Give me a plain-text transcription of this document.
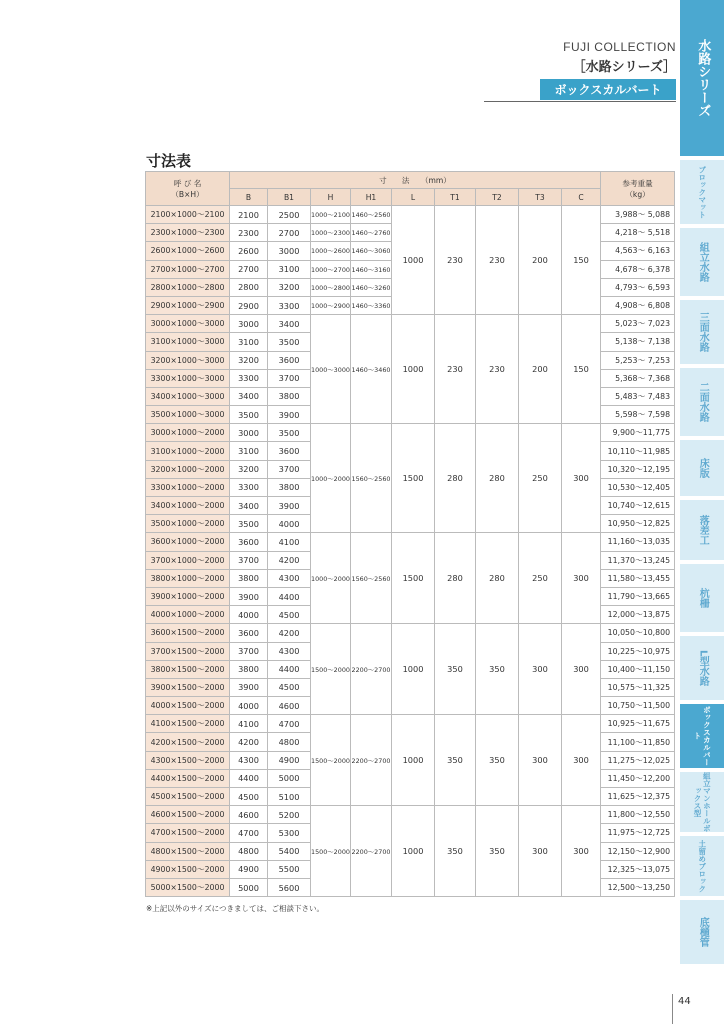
FUJI COLLECTION
［水路シリーズ］
ボックスカルバート
寸法表
呼 び 名
（B×H）	寸　　法　　（mm）									参考重量
（kg）
	B	B1	H	H1	L	T1	T2	T3	C	
2100×1000～2100	2100	2500	1000～2100	1460～2560	1000	230	230	200	150	3,988～ 5,088
2300×1000～2300	2300	2700	1000～2300	1460～2760						4,218～ 5,518
2600×1000～2600	2600	3000	1000～2600	1460～3060						4,563～ 6,163
2700×1000～2700	2700	3100	1000～2700	1460～3160						4,678～ 6,378
2800×1000～2800	2800	3200	1000～2800	1460～3260						4,793～ 6,593
2900×1000～2900	2900	3300	1000～2900	1460～3360						4,908～ 6,808
3000×1000～3000	3000	3400	1000～3000	1460～3460	1000	230	230	200	150	5,023～ 7,023
3100×1000～3000	3100	3500								5,138～ 7,138
3200×1000～3000	3200	3600								5,253～ 7,253
3300×1000～3000	3300	3700								5,368～ 7,368
3400×1000～3000	3400	3800								5,483～ 7,483
3500×1000～3000	3500	3900								5,598～ 7,598
3000×1000～2000	3000	3500	1000～2000	1560～2560	1500	280	280	250	300	9,900～11,775
3100×1000～2000	3100	3600								10,110～11,985
3200×1000～2000	3200	3700								10,320～12,195
3300×1000～2000	3300	3800								10,530～12,405
3400×1000～2000	3400	3900								10,740～12,615
3500×1000～2000	3500	4000								10,950～12,825
3600×1000～2000	3600	4100	1000～2000	1560～2560	1500	280	280	250	300	11,160～13,035
3700×1000～2000	3700	4200								11,370～13,245
3800×1000～2000	3800	4300								11,580～13,455
3900×1000～2000	3900	4400								11,790～13,665
4000×1000～2000	4000	4500								12,000～13,875
3600×1500～2000	3600	4200	1500～2000	2200～2700	1000	350	350	300	300	10,050～10,800
3700×1500～2000	3700	4300								10,225～10,975
3800×1500～2000	3800	4400								10,400～11,150
3900×1500～2000	3900	4500								10,575～11,325
4000×1500～2000	4000	4600								10,750～11,500
4100×1500～2000	4100	4700	1500～2000	2200～2700	1000	350	350	300	300	10,925～11,675
4200×1500～2000	4200	4800								11,100～11,850
4300×1500～2000	4300	4900								11,275～12,025
4400×1500～2000	4400	5000								11,450～12,200
4500×1500～2000	4500	5100								11,625～12,375
4600×1500～2000	4600	5200	1500～2000	2200～2700	1000	350	350	300	300	11,800～12,550
4700×1500～2000	4700	5300								11,975～12,725
4800×1500～2000	4800	5400								12,150～12,900
4900×1500～2000	4900	5500								12,325～13,075
5000×1500～2000	5000	5600								12,500～13,250
※上記以外のサイズにつきましては、ご相談下さい。
水路シリーズ
ブロックマット
組立水路
三面水路
二面水路
床版
落差工
杭柵
L型水路
ボックスカルバート
組立マンホールボックス型
土留めブロック
底樋管
44
